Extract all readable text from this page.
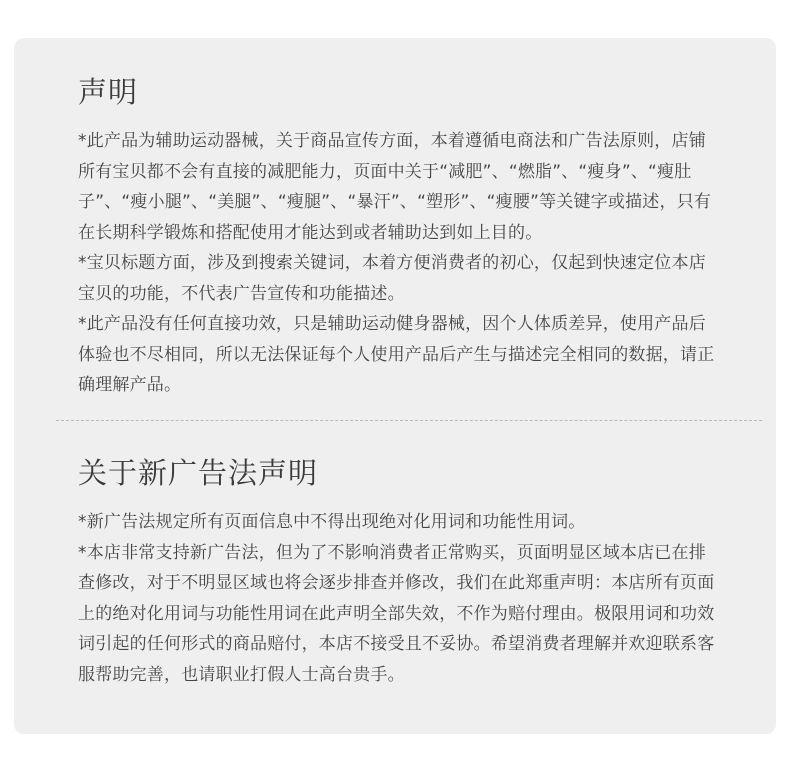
声明

*此产品为辅助运动器械，关于商品宣传方面，本着遵循电商法和广告法原则，店铺所有宝贝都不会有直接的减肥能力，页面中关于“减肥”、“燃脂”、“瘦身”、“瘦肚子”、“瘦小腿”、“美腿”、“瘦腿”、“暴汗”、“塑形”、“瘦腰”等关键字或描述，只有在长期科学锻炼和搭配使用才能达到或者辅助达到如上目的。

*宝贝标题方面，涉及到搜索关键词，本着方便消费者的初心，仅起到快速定位本店宝贝的功能，不代表广告宣传和功能描述。

*此产品没有任何直接功效，只是辅助运动健身器械，因个人体质差异，使用产品后体验也不尽相同，所以无法保证每个人使用产品后产生与描述完全相同的数据，请正确理解产品。

关于新广告法声明

*新广告法规定所有页面信息中不得出现绝对化用词和功能性用词。

*本店非常支持新广告法，但为了不影响消费者正常购买，页面明显区域本店已在排查修改，对于不明显区域也将会逐步排查并修改，我们在此郑重声明：本店所有页面上的绝对化用词与功能性用词在此声明全部失效，不作为赔付理由。极限用词和功效词引起的任何形式的商品赔付，本店不接受且不妥协。希望消费者理解并欢迎联系客服帮助完善，也请职业打假人士高台贵手。
